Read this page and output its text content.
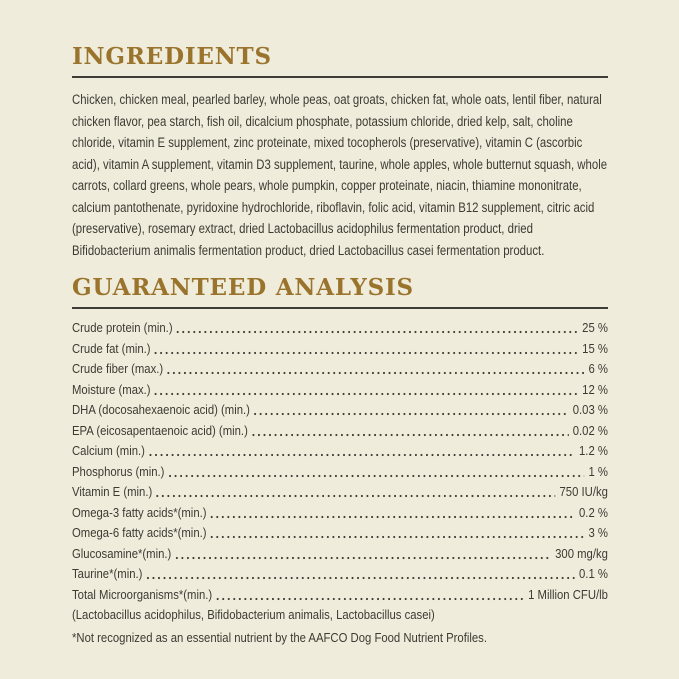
INGREDIENTS

Chicken, chicken meal, pearled barley, whole peas, oat groats, chicken fat, whole oats, lentil fiber, natural chicken flavor, pea starch, fish oil, dicalcium phosphate, potassium chloride, dried kelp, salt, choline chloride, vitamin E supplement, zinc proteinate, mixed tocopherols (preservative), vitamin C (ascorbic acid), vitamin A supplement, vitamin D3 supplement, taurine, whole apples, whole butternut squash, whole carrots, collard greens, whole pears, whole pumpkin, copper proteinate, niacin, thiamine mononitrate, calcium pantothenate, pyridoxine hydrochloride, riboflavin, folic acid, vitamin B12 supplement, citric acid (preservative), rosemary extract, dried Lactobacillus acidophilus fermentation product, dried Bifidobacterium animalis fermentation product, dried Lactobacillus casei fermentation product.

GUARANTEED ANALYSIS
Crude protein (min.)	25 %
Crude fat (min.)	15 %
Crude fiber (max.)	6 %
Moisture (max.)	12 %
DHA (docosahexaenoic acid) (min.)	0.03 %
EPA (eicosapentaenoic acid) (min.)	0.02 %
Calcium (min.)	1.2 %
Phosphorus (min.)	1 %
Vitamin E (min.)	750 IU/kg
Omega-3 fatty acids*(min.)	0.2 %
Omega-6 fatty acids*(min.)	3 %
Glucosamine*(min.)	300 mg/kg
Taurine*(min.)	0.1 %
Total Microorganisms*(min.)	1 Million CFU/lb
(Lactobacillus acidophilus, Bifidobacterium animalis, Lactobacillus casei)
*Not recognized as an essential nutrient by the AAFCO Dog Food Nutrient Profiles.
